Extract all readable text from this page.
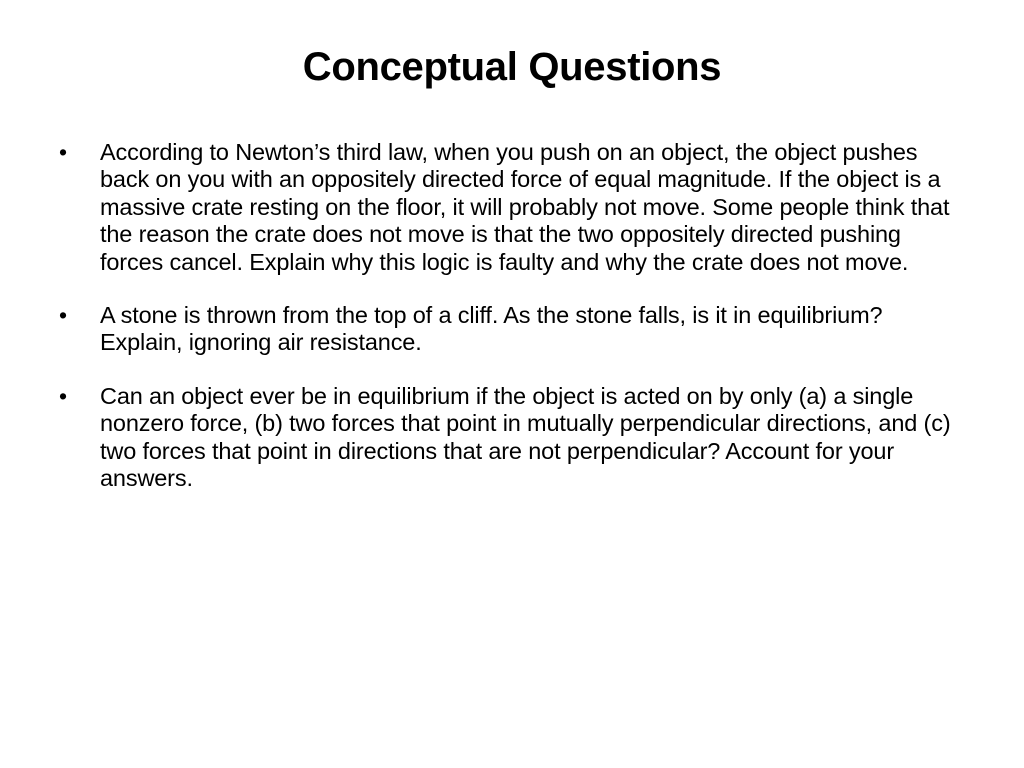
Conceptual Questions
• According to Newton’s third law, when you push on an object, the object pushes back on you with an oppositely directed force of equal magnitude. If the object is a massive crate resting on the floor, it will probably not move. Some people think that the reason the crate does not move is that the two oppositely directed pushing forces cancel. Explain why this logic is faulty and why the crate does not move.
• A stone is thrown from the top of a cliff. As the stone falls, is it in equilibrium? Explain, ignoring air resistance.
• Can an object ever be in equilibrium if the object is acted on by only (a) a single nonzero force, (b) two forces that point in mutually perpendicular directions, and (c) two forces that point in directions that are not perpendicular? Account for your answers.
